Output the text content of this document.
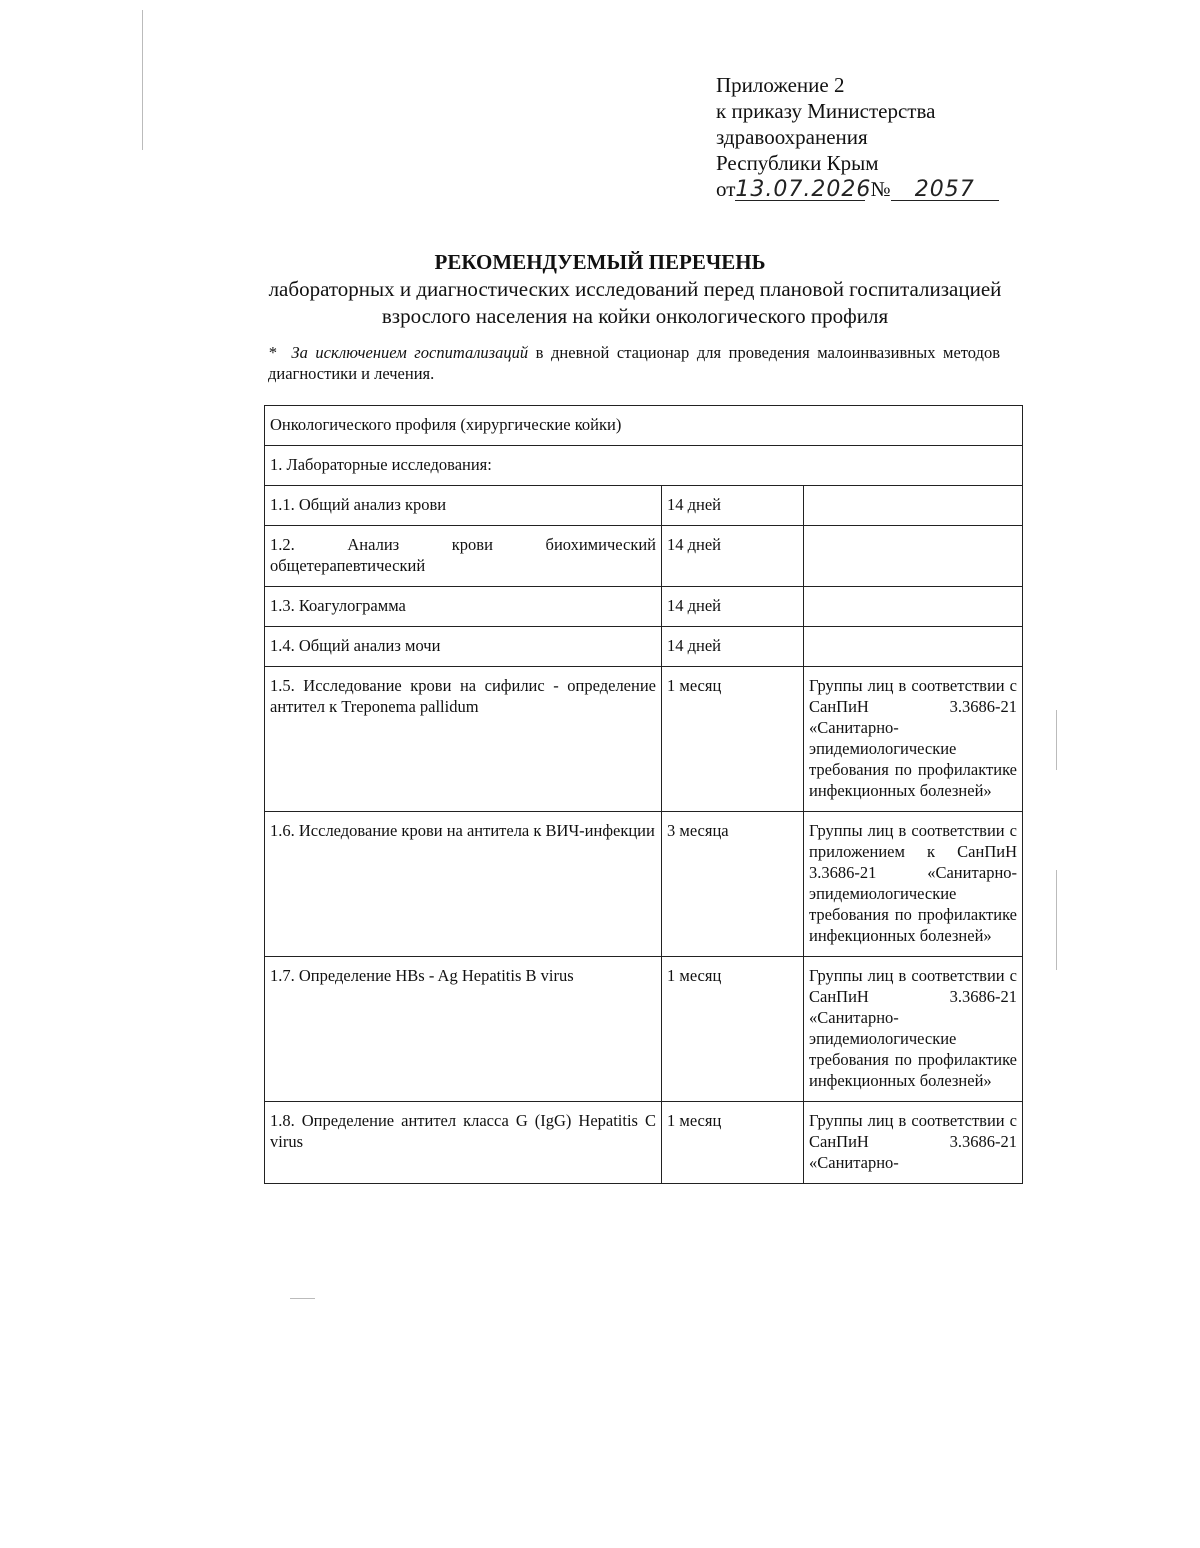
Приложение 2
к приказу Министерства
здравоохранения
Республики Крым
от13.07.2026 № 2057
РЕКОМЕНДУЕМЫЙ ПЕРЕЧЕНЬ
лабораторных и диагностических исследований перед плановой госпитализацией взрослого населения на койки онкологического профиля
* За исключением госпитализаций в дневной стационар для проведения малоинвазивных методов диагностики и лечения.
Онкологического профиля (хирургические койки)		
1. Лабораторные исследования:		
1.1. Общий анализ крови	14 дней	
1.2. Анализ крови биохимический общетерапевтический	14 дней	
1.3. Коагулограмма	14 дней	
1.4. Общий анализ мочи	14 дней	
1.5. Исследование крови на сифилис - определение антител к Treponema pallidum	1 месяц	Группы лиц в соответствии с СанПиН 3.3686-21 «Санитарно-эпидемиологические требования по профилактике инфекционных болезней»
1.6. Исследование крови на антитела к ВИЧ-инфекции	3 месяца	Группы лиц в соответствии с приложением к СанПиН 3.3686-21 «Санитарно-эпидемиологические требования по профилактике инфекционных болезней»
1.7. Определение HBs - Ag Hepatitis B virus	1 месяц	Группы лиц в соответствии с СанПиН 3.3686-21 «Санитарно-эпидемиологические требования по профилактике инфекционных болезней»
1.8. Определение антител класса G (IgG) Hepatitis C virus	1 месяц	Группы лиц в соответствии с СанПиН 3.3686-21 «Санитарно-
